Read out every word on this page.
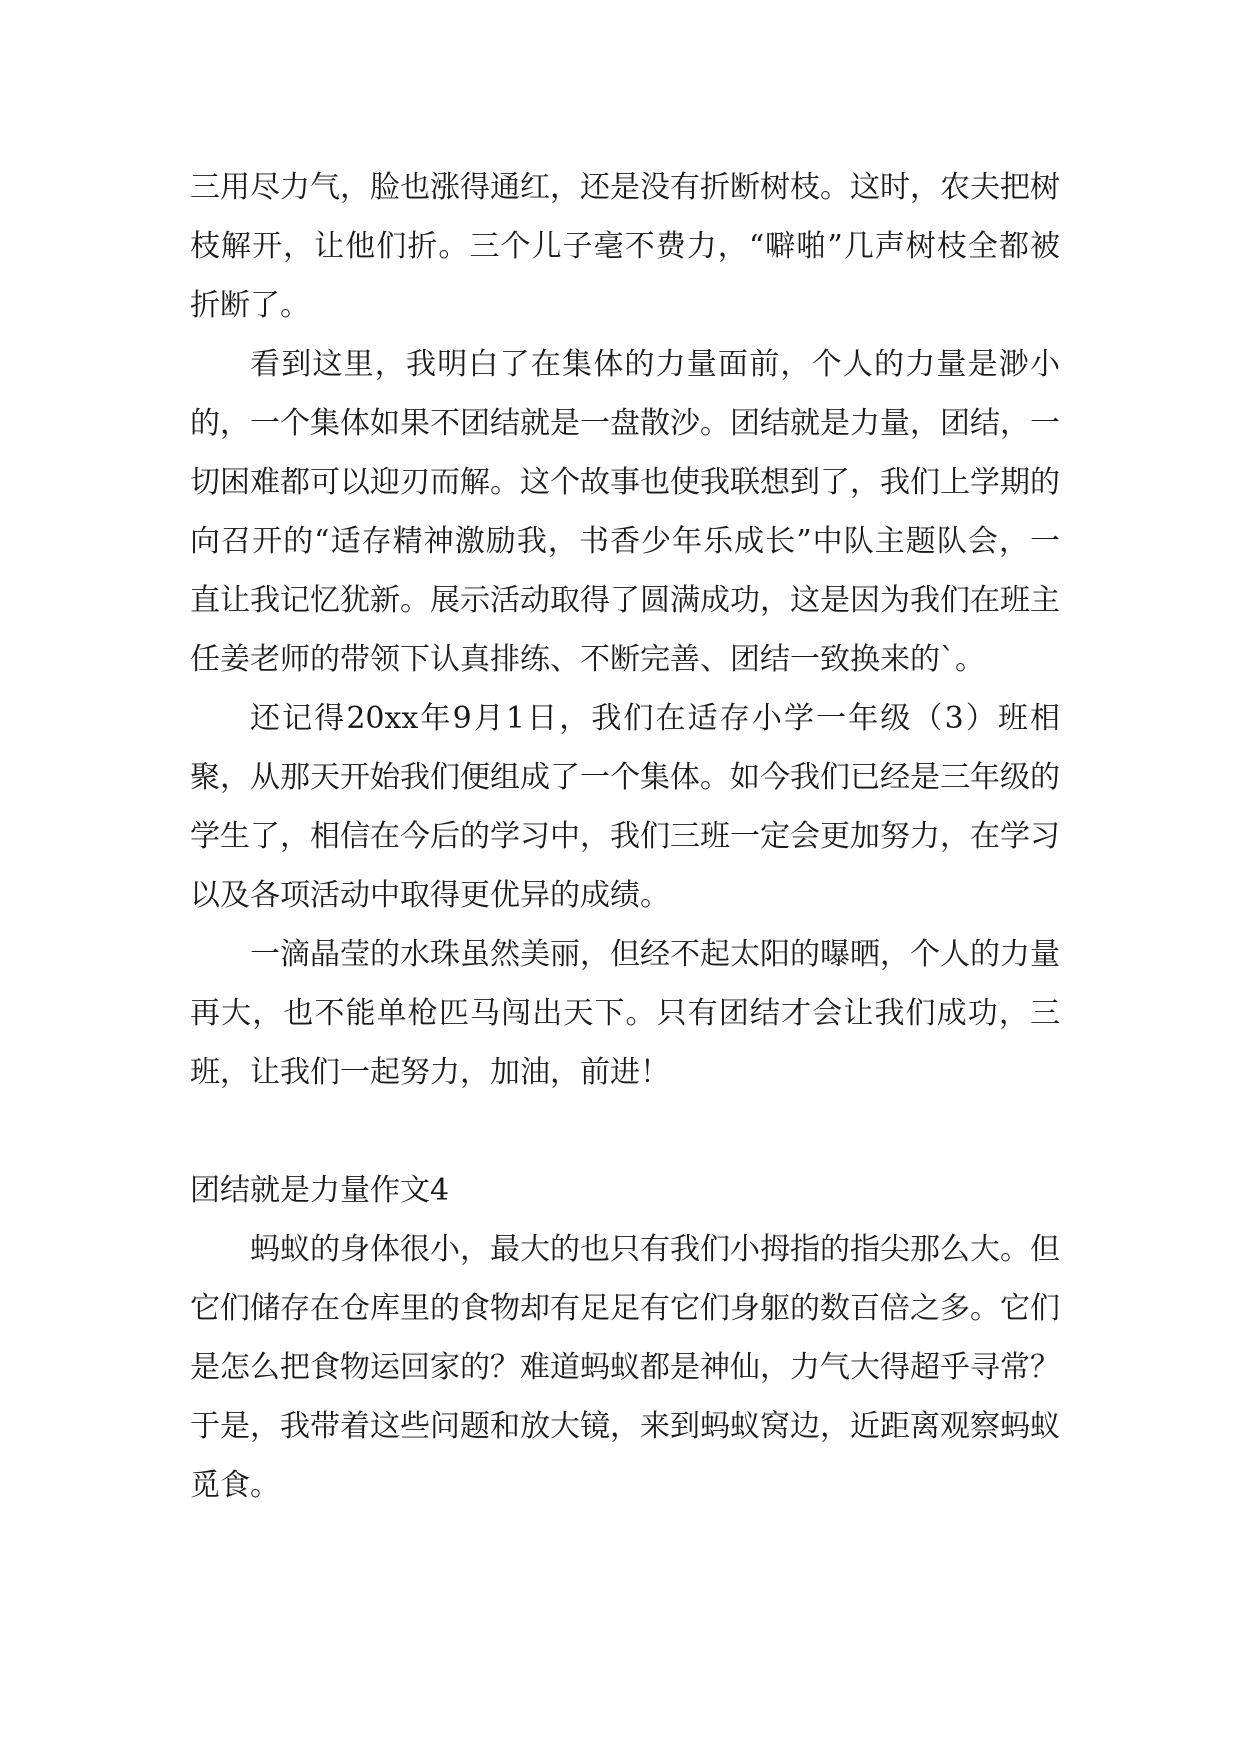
三用尽力气，脸也涨得通红，还是没有折断树枝。这时，农夫把树枝解开，让他们折。三个儿子毫不费力，“噼啪”几声树枝全都被折断了。

看到这里，我明白了在集体的力量面前，个人的力量是渺小的，一个集体如果不团结就是一盘散沙。团结就是力量，团结，一切困难都可以迎刃而解。这个故事也使我联想到了，我们上学期的向召开的“适存精神激励我，书香少年乐成长”中队主题队会，一直让我记忆犹新。展示活动取得了圆满成功，这是因为我们在班主任姜老师的带领下认真排练、不断完善、团结一致换来的`。

还记得20xx年9月1日，我们在适存小学一年级（3）班相聚，从那天开始我们便组成了一个集体。如今我们已经是三年级的学生了，相信在今后的学习中，我们三班一定会更加努力，在学习以及各项活动中取得更优异的成绩。

一滴晶莹的水珠虽然美丽，但经不起太阳的曝晒，个人的力量再大，也不能单枪匹马闯出天下。只有团结才会让我们成功，三班，让我们一起努力，加油，前进！

团结就是力量作文4

蚂蚁的身体很小，最大的也只有我们小拇指的指尖那么大。但它们储存在仓库里的食物却有足足有它们身躯的数百倍之多。它们是怎么把食物运回家的？难道蚂蚁都是神仙，力气大得超乎寻常？于是，我带着这些问题和放大镜，来到蚂蚁窝边，近距离观察蚂蚁觅食。
